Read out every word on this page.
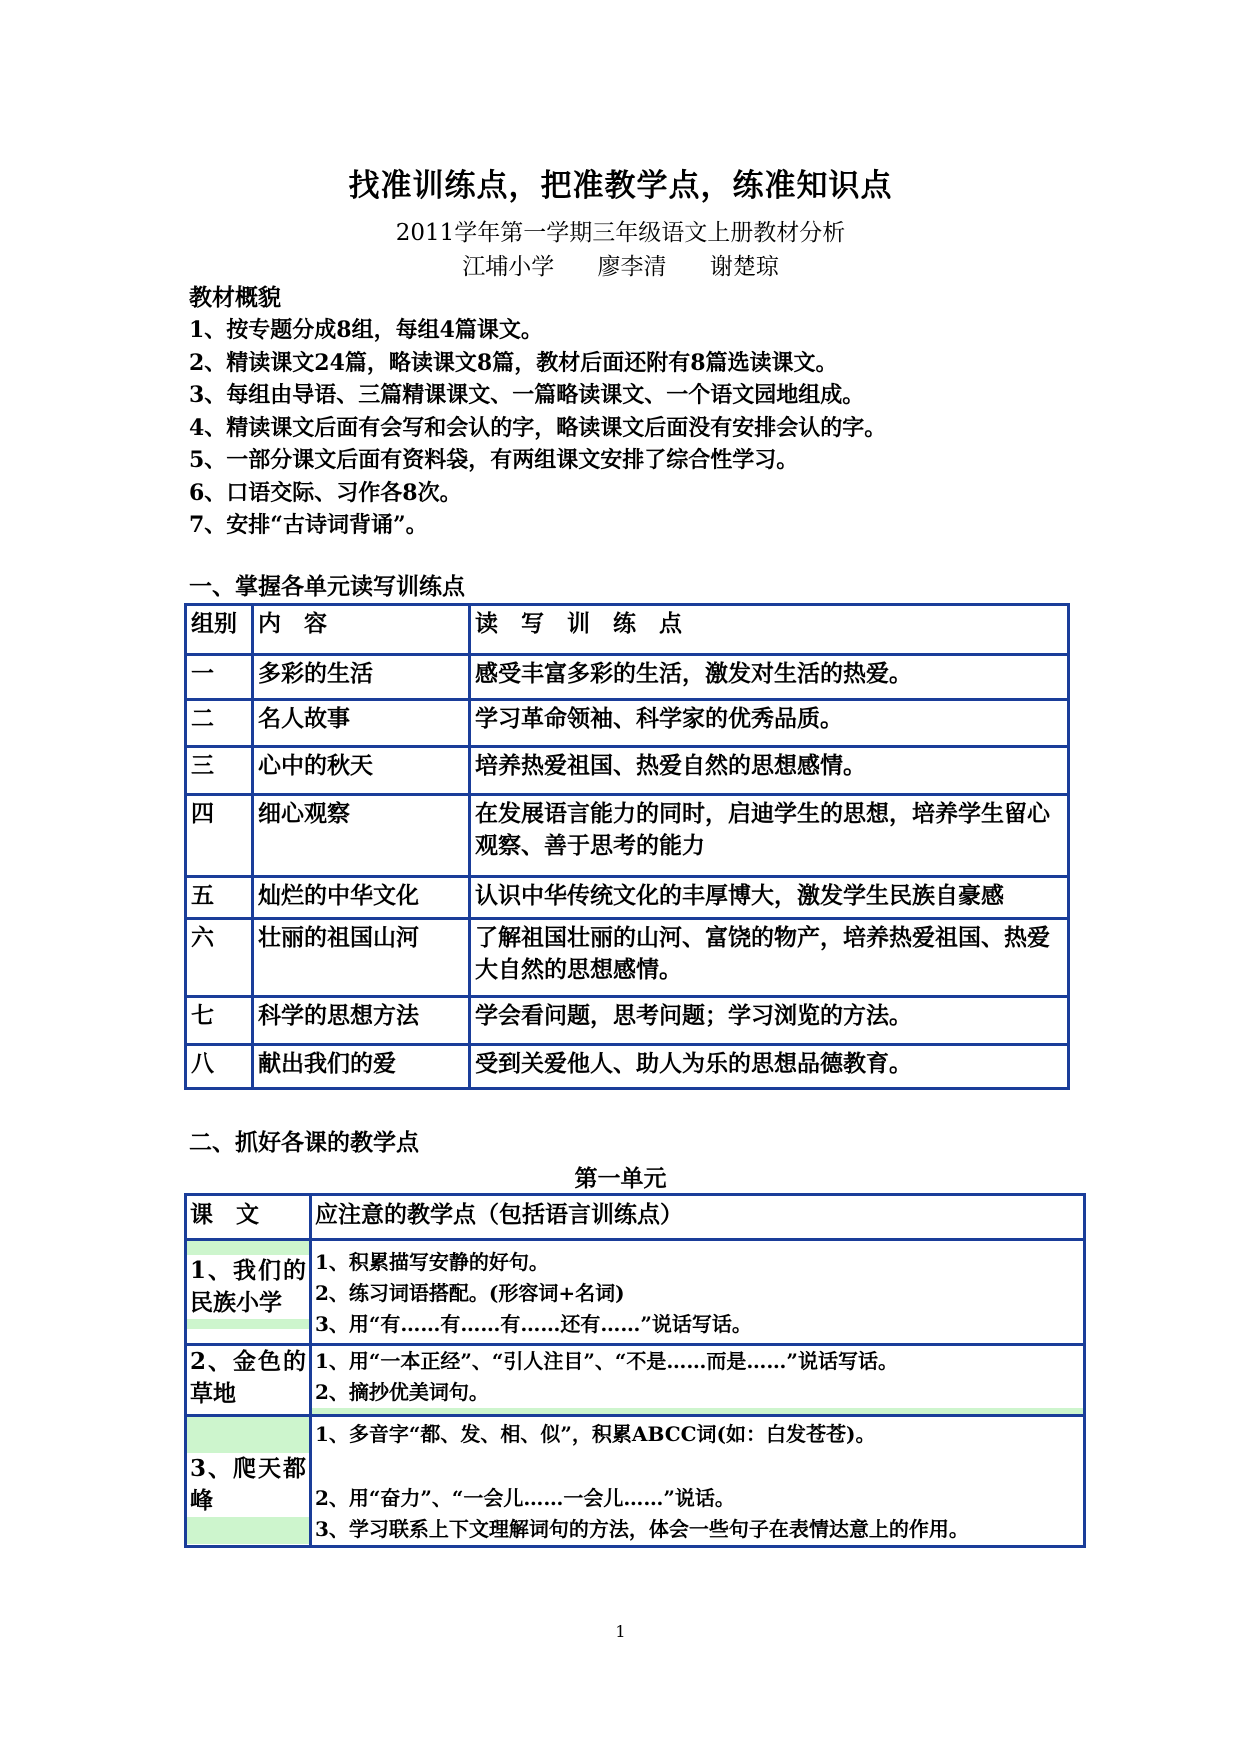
找准训练点，把准教学点，练准知识点
2011学年第一学期三年级语文上册教材分析
江埔小学 廖李清 谢楚琼
教材概貌
1、按专题分成8组，每组4篇课文。
2、精读课文24篇，略读课文8篇，教材后面还附有8篇选读课文。
3、每组由导语、三篇精课课文、一篇略读课文、一个语文园地组成。
4、精读课文后面有会写和会认的字，略读课文后面没有安排会认的字。
5、一部分课文后面有资料袋，有两组课文安排了综合性学习。
6、口语交际、习作各8次。
7、安排“古诗词背诵”。
一、掌握各单元读写训练点
组别	内　容	读　写　训　练　点
一	多彩的生活	感受丰富多彩的生活，激发对生活的热爱。
二	名人故事	学习革命领袖、科学家的优秀品质。
三	心中的秋天	培养热爱祖国、热爱自然的思想感情。
四	细心观察	在发展语言能力的同时，启迪学生的思想，培养学生留心观察、善于思考的能力
五	灿烂的中华文化	认识中华传统文化的丰厚博大，激发学生民族自豪感
六	壮丽的祖国山河	了解祖国壮丽的山河、富饶的物产，培养热爱祖国、热爱大自然的思想感情。
七	科学的思想方法	学会看问题，思考问题；学习浏览的方法。
八	献出我们的爱	受到关爱他人、助人为乐的思想品德教育。
二、抓好各课的教学点
第一单元
课　文	应注意的教学点（包括语言训练点）

1、我们的民族小学	1、积累描写安静的好句。
2、练习词语搭配。(形容词+名词)
3、用“有……有……有……还有……”说话写话。

2、金色的草地	1、用“一本正经”、“引人注目”、“不是……而是……”说话写话。
2、摘抄优美词句。

3、爬天都峰	1、多音字“都、发、相、似”，积累ABCC词(如：白发苍苍)。
2、用“奋力”、“一会儿……一会儿……”说话。
3、学习联系上下文理解词句的方法，体会一些句子在表情达意上的作用。
1
